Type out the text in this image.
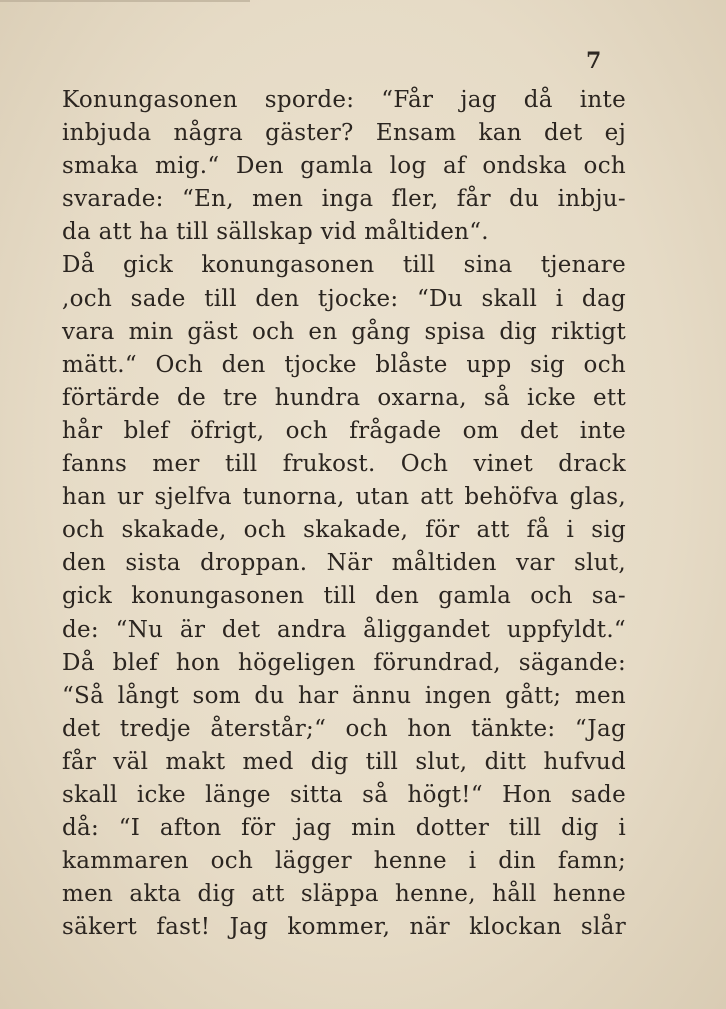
7
Konungasonen sporde: “Får jag då inte
inbjuda några gäster? Ensam kan det ej
smaka mig.“ Den gamla log af ondska och
svarade: “En, men inga fler, får du inbju-
da att ha till sällskap vid måltiden“.
Då gick konungasonen till sina tjenare
,och sade till den tjocke: “Du skall i dag
vara min gäst och en gång spisa dig riktigt
mätt.“ Och den tjocke blåste upp sig och
förtärde de tre hundra oxarna, så icke ett
hår blef öfrigt, och frågade om det inte
fanns mer till frukost. Och vinet drack
han ur sjelfva tunorna, utan att behöfva glas,
och skakade, och skakade, för att få i sig
den sista droppan. När måltiden var slut,
gick konungasonen till den gamla och sa-
de: “Nu är det andra åliggandet uppfyldt.“
Då blef hon högeligen förundrad, sägande:
“Så långt som du har ännu ingen gått; men
det tredje återstår;“ och hon tänkte: “Jag
får väl makt med dig till slut, ditt hufvud
skall icke länge sitta så högt!“ Hon sade
då: “I afton för jag min dotter till dig i
kammaren och lägger henne i din famn;
men akta dig att släppa henne, håll henne
säkert fast! Jag kommer, när klockan slår
